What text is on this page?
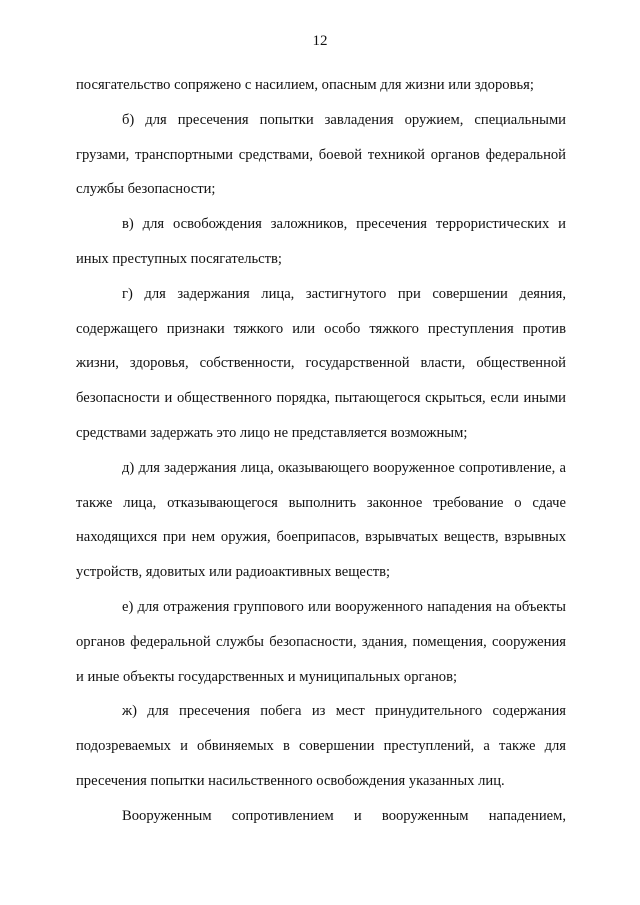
12

посягательство сопряжено с насилием, опасным для жизни или здоровья;

б) для пресечения попытки завладения оружием, специальными грузами, транспортными средствами, боевой техникой органов федеральной службы безопасности;

в) для освобождения заложников, пресечения террористических и иных преступных посягательств;

г) для задержания лица, застигнутого при совершении деяния, содержащего признаки тяжкого или особо тяжкого преступления против жизни, здоровья, собственности, государственной власти, общественной безопасности и общественного порядка, пытающегося скрыться, если иными средствами задержать это лицо не представляется возможным;

д) для задержания лица, оказывающего вооруженное сопротивление, а также лица, отказывающегося выполнить законное требование о сдаче находящихся при нем оружия, боеприпасов, взрывчатых веществ, взрывных устройств, ядовитых или радиоактивных веществ;

е) для отражения группового или вооруженного нападения на объекты органов федеральной службы безопасности, здания, помещения, сооружения и иные объекты государственных и муниципальных органов;

ж) для пресечения побега из мест принудительного содержания подозреваемых и обвиняемых в совершении преступлений, а также для пресечения попытки насильственного освобождения указанных лиц.

Вооруженным сопротивлением и вооруженным нападением,
